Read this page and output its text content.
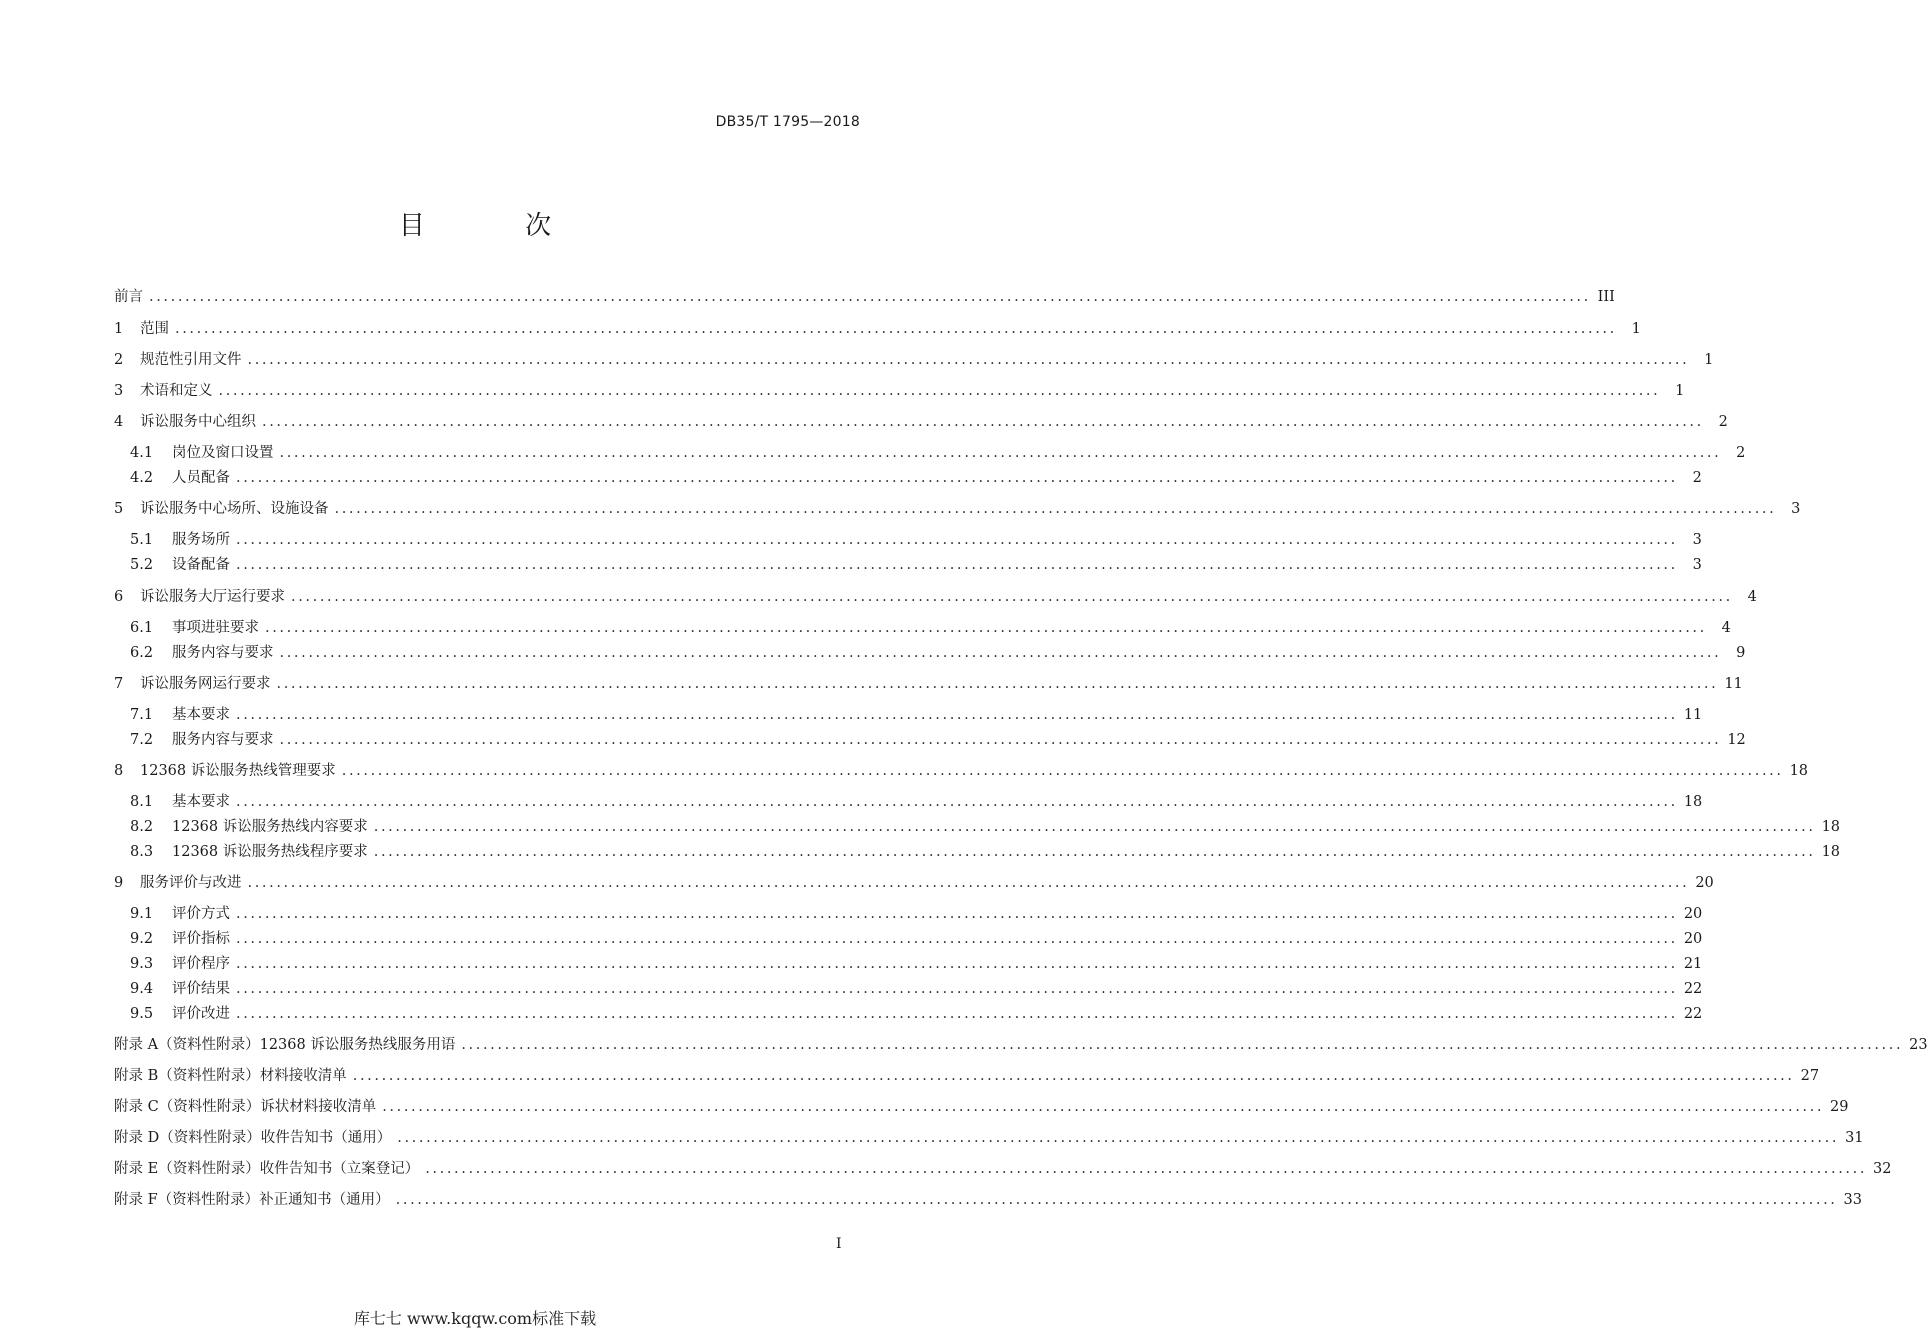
DB35/T 1795—2018
目 次
前言 ........................................................................................................................................................................................................ III
1	范围 ........................................................................................................................................................................................................	1
2	规范性引用文件 ........................................................................................................................................................................................................	1
3	术语和定义 ........................................................................................................................................................................................................	1
4	诉讼服务中心组织 ........................................................................................................................................................................................................	2
4.1	岗位及窗口设置 ........................................................................................................................................................................................................	2
4.2	人员配备 ........................................................................................................................................................................................................	2
5	诉讼服务中心场所、设施设备 ........................................................................................................................................................................................................	3
5.1	服务场所 ........................................................................................................................................................................................................	3
5.2	设备配备 ........................................................................................................................................................................................................	3
6	诉讼服务大厅运行要求 ........................................................................................................................................................................................................	4
6.1	事项进驻要求 ........................................................................................................................................................................................................	4
6.2	服务内容与要求 ........................................................................................................................................................................................................	9
7	诉讼服务网运行要求 ........................................................................................................................................................................................................ 11
7.1	基本要求 ........................................................................................................................................................................................................ 11
7.2	服务内容与要求 ........................................................................................................................................................................................................ 12
8	12368 诉讼服务热线管理要求 ........................................................................................................................................................................................................ 18
8.1	基本要求 ........................................................................................................................................................................................................ 18
8.2	12368 诉讼服务热线内容要求 ........................................................................................................................................................................................................ 18
8.3	12368 诉讼服务热线程序要求 ........................................................................................................................................................................................................ 18
9	服务评价与改进 ........................................................................................................................................................................................................ 20
9.1	评价方式 ........................................................................................................................................................................................................ 20
9.2	评价指标 ........................................................................................................................................................................................................ 20
9.3	评价程序 ........................................................................................................................................................................................................ 21
9.4	评价结果 ........................................................................................................................................................................................................ 22
9.5	评价改进 ........................................................................................................................................................................................................ 22
附录 A（资料性附录） 12368 诉讼服务热线服务用语 ........................................................................................................................................................................................................ 23
附录 B（资料性附录） 材料接收清单 ........................................................................................................................................................................................................ 27
附录 C（资料性附录） 诉状材料接收清单 ........................................................................................................................................................................................................ 29
附录 D（资料性附录） 收件告知书（通用） ........................................................................................................................................................................................................ 31
附录 E（资料性附录） 收件告知书（立案登记） ........................................................................................................................................................................................................ 32
附录 F（资料性附录） 补正通知书（通用） ........................................................................................................................................................................................................ 33
I
库七七 www.kqqw.com标准下载
